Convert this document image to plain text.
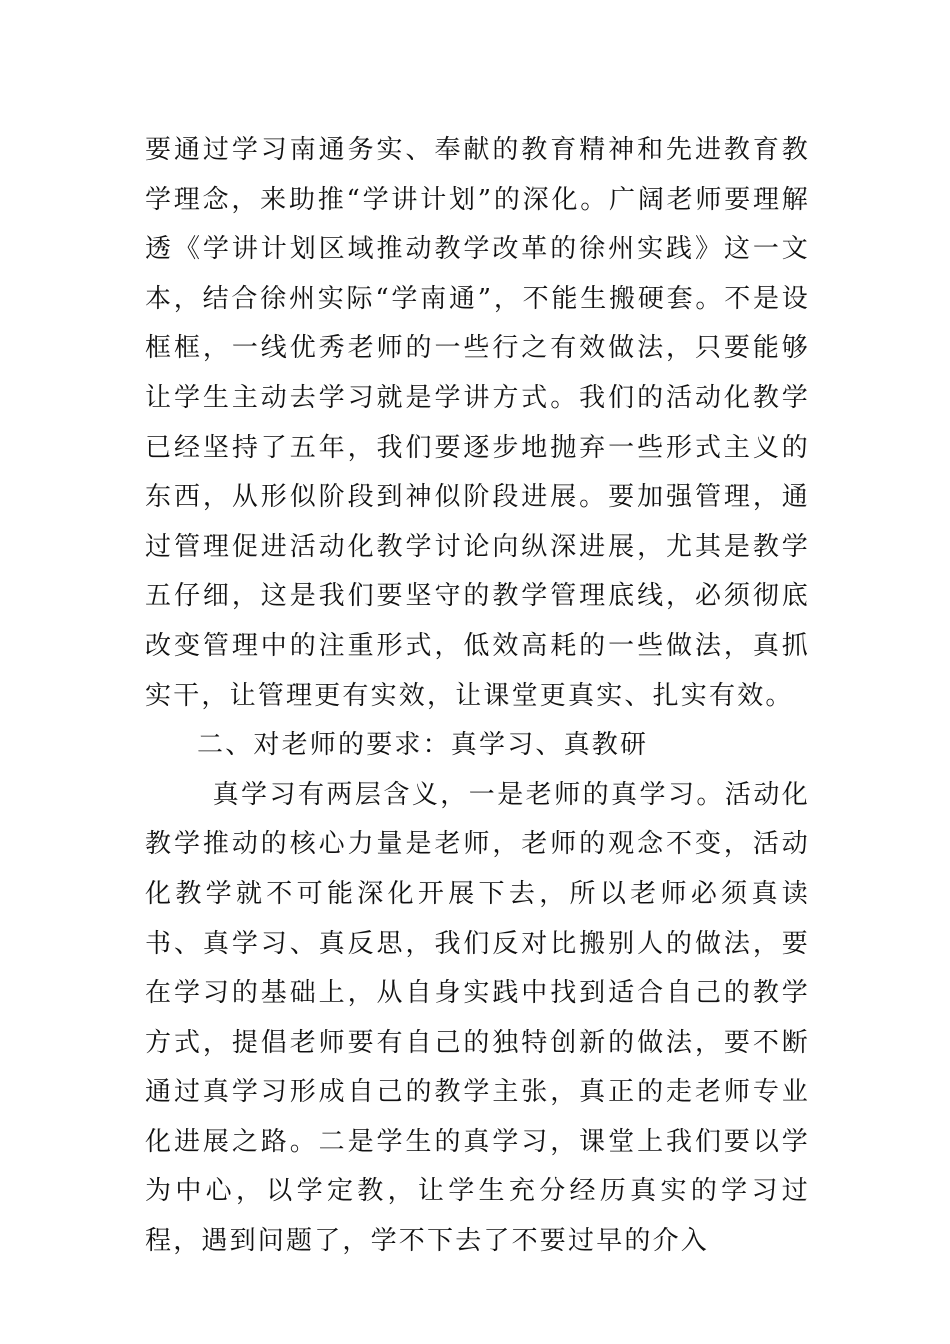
要通过学习南通务实、奉献的教育精神和先进教育教学理念，来助推“学讲计划”的深化。广阔老师要理解透《学讲计划区域推动教学改革的徐州实践》这一文本，结合徐州实际“学南通”，不能生搬硬套。不是设框框，一线优秀老师的一些行之有效做法，只要能够让学生主动去学习就是学讲方式。我们的活动化教学已经坚持了五年，我们要逐步地抛弃一些形式主义的东西，从形似阶段到神似阶段进展。要加强管理，通过管理促进活动化教学讨论向纵深进展，尤其是教学五仔细，这是我们要坚守的教学管理底线，必须彻底改变管理中的注重形式，低效高耗的一些做法，真抓实干，让管理更有实效，让课堂更真实、扎实有效。

二、对老师的要求：真学习、真教研

真学习有两层含义，一是老师的真学习。活动化教学推动的核心力量是老师，老师的观念不变，活动化教学就不可能深化开展下去，所以老师必须真读书、真学习、真反思，我们反对比搬别人的做法，要在学习的基础上，从自身实践中找到适合自己的教学方式，提倡老师要有自己的独特创新的做法，要不断通过真学习形成自己的教学主张，真正的走老师专业化进展之路。二是学生的真学习，课堂上我们要以学为中心，以学定教，让学生充分经历真实的学习过程，遇到问题了，学不下去了不要过早的介入
